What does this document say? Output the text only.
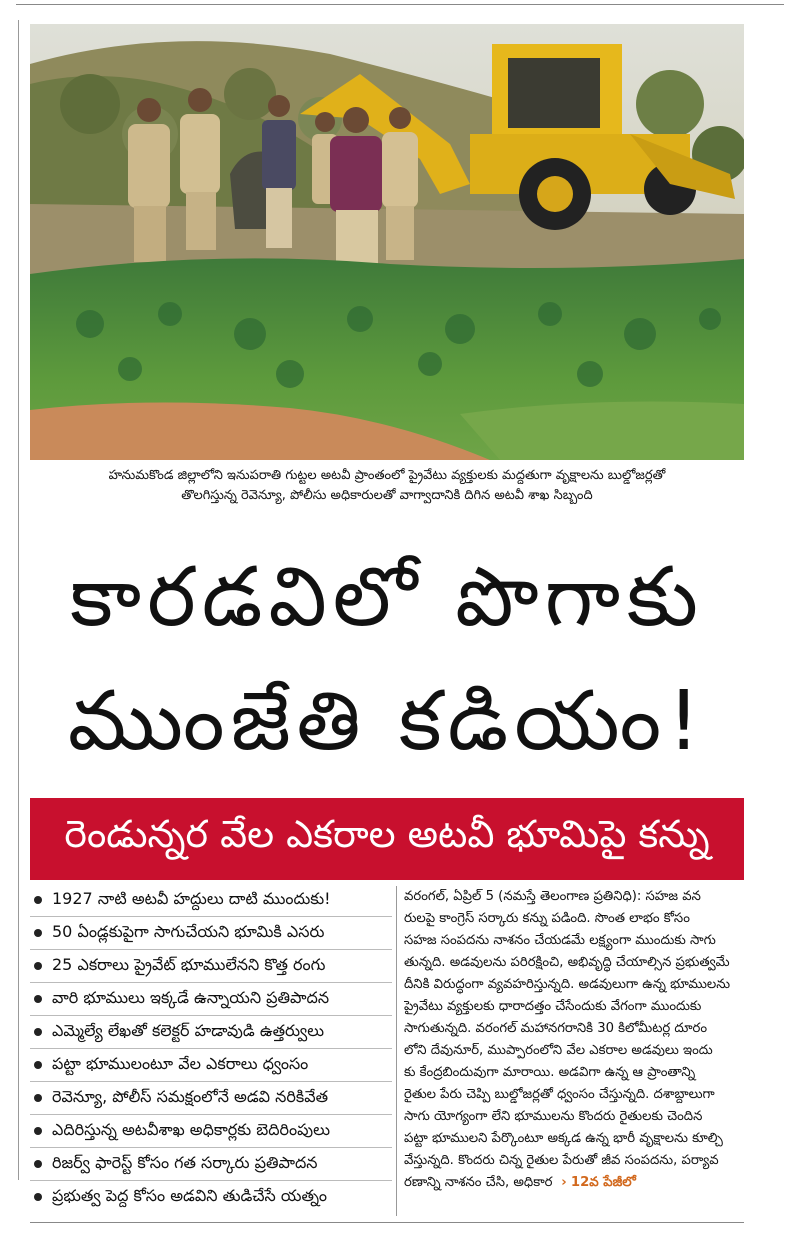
హనుమకొండ జిల్లాలోని ఇనుపరాతి గుట్టల అటవీ ప్రాంతంలో ప్రైవేటు వ్యక్తులకు మద్దతుగా వృక్షాలను బుల్డోజర్లతో
తొలగిస్తున్న రెవెన్యూ, పోలీసు అధికారులతో వాగ్వాదానికి దిగిన అటవీ శాఖ సిబ్బంది
కారడవిలో పొగాకు
ముంజేతి కడియం!
రెండున్నర వేల ఎకరాల అటవీ భూమిపై కన్ను
1927 నాటి అటవీ హద్దులు దాటి ముందుకు!
50 ఏండ్లకుపైగా సాగుచేయని భూమికి ఎసరు
25 ఎకరాలు ప్రైవేట్ భూములేనని కొత్త రంగు
వారి భూములు ఇక్కడే ఉన్నాయని ప్రతిపాదన
ఎమ్మెల్యే లేఖతో కలెక్టర్ హడావుడి ఉత్తర్వులు
పట్టా భూములంటూ వేల ఎకరాలు ధ్వంసం
రెవెన్యూ, పోలీస్ సమక్షంలోనే అడవి నరికివేత
ఎదిరిస్తున్న అటవీశాఖ అధికార్లకు బెదిరింపులు
రిజర్వ్ ఫారెస్ట్ కోసం గత సర్కారు ప్రతిపాదన
ప్రభుత్వ పెద్ద కోసం అడవిని తుడిచేసే యత్నం
వరంగల్, ఏప్రిల్ 5 (నమస్తే తెలంగాణ ప్రతినిధి): సహజ వన
రులపై కాంగ్రెస్ సర్కారు కన్ను పడింది. సొంత లాభం కోసం
సహజ సంపదను నాశనం చేయడమే లక్ష్యంగా ముందుకు సాగు
తున్నది. అడవులను పరిరక్షించి, అభివృద్ధి చేయాల్సిన ప్రభుత్వమే
దీనికి విరుద్ధంగా వ్యవహరిస్తున్నది. అడవులుగా ఉన్న భూములను
ప్రైవేటు వ్యక్తులకు ధారాదత్తం చేసేందుకు వేగంగా ముందుకు
సాగుతున్నది. వరంగల్ మహానగరానికి 30 కిలోమీటర్ల దూరం
లోని దేవునూర్, ముప్పారంలోని వేల ఎకరాల అడవులు ఇందు
కు కేంద్రబిందువుగా మారాయి. అడవిగా ఉన్న ఆ ప్రాంతాన్ని
రైతుల పేరు చెప్పి బుల్డోజర్లతో ధ్వంసం చేస్తున్నది. దశాబ్దాలుగా
సాగు యోగ్యంగా లేని భూములను కొందరు రైతులకు చెందిన
పట్టా భూములని పేర్కొంటూ అక్కడ ఉన్న భారీ వృక్షాలను కూల్చి
వేస్తున్నది. కొందరు చిన్న రైతుల పేరుతో జీవ సంపదను, పర్యావ
రణాన్ని నాశనం చేసి, అధికార  › 12వ పేజీలో
